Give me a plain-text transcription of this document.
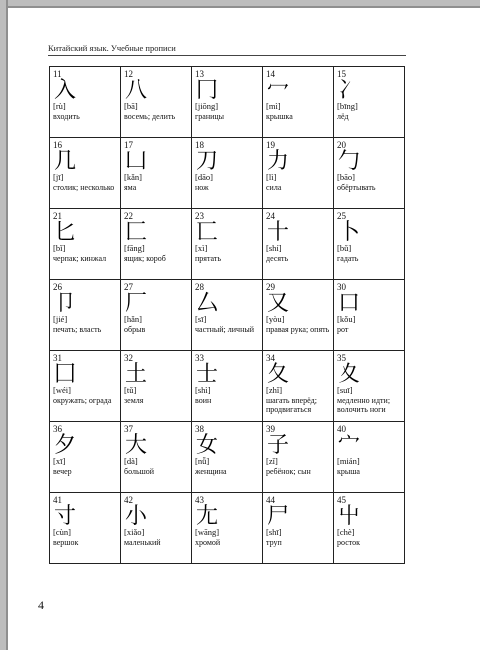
Китайский язык. Учебные прописи
11
入
[rù]
входить	12
八
[bā]
восемь; делить	13
冂
[jiōng]
границы	14
冖
[mì]
крышка	15
冫
[bīng]
лёд

16
几
[jī]
столик; несколько	17
凵
[kǎn]
яма	18
刀
[dāo]
нож	19
力
[lì]
сила	20
勹
[bāo]
обёртывать

21
匕
[bǐ]
черпак; кинжал	22
匚
[fāng]
ящик; короб	23
匸
[xì]
прятать	24
十
[shí]
десять	25
卜
[bǔ]
гадать

26
卩
[jié]
печать; власть	27
厂
[hǎn]
обрыв	28
厶
[sī]
частный; личный	29
又
[yòu]
правая рука; опять	30
口
[kǒu]
рот

31
囗
[wéi]
окружать; ограда	32
土
[tǔ]
земля	33
士
[shì]
воин	34
夂
[zhǐ]
шагать вперёд; продвигаться	35
夊
[suī]
медленно идти; волочить ноги

36
夕
[xī]
вечер	37
大
[dà]
большой	38
女
[nǚ]
женщина	39
子
[zǐ]
ребёнок; сын	40
宀
[mián]
крыша

41
寸
[cùn]
вершок	42
小
[xiǎo]
маленький	43
尢
[wāng]
хромой	44
尸
[shī]
труп	45
屮
[chè]
росток
4
